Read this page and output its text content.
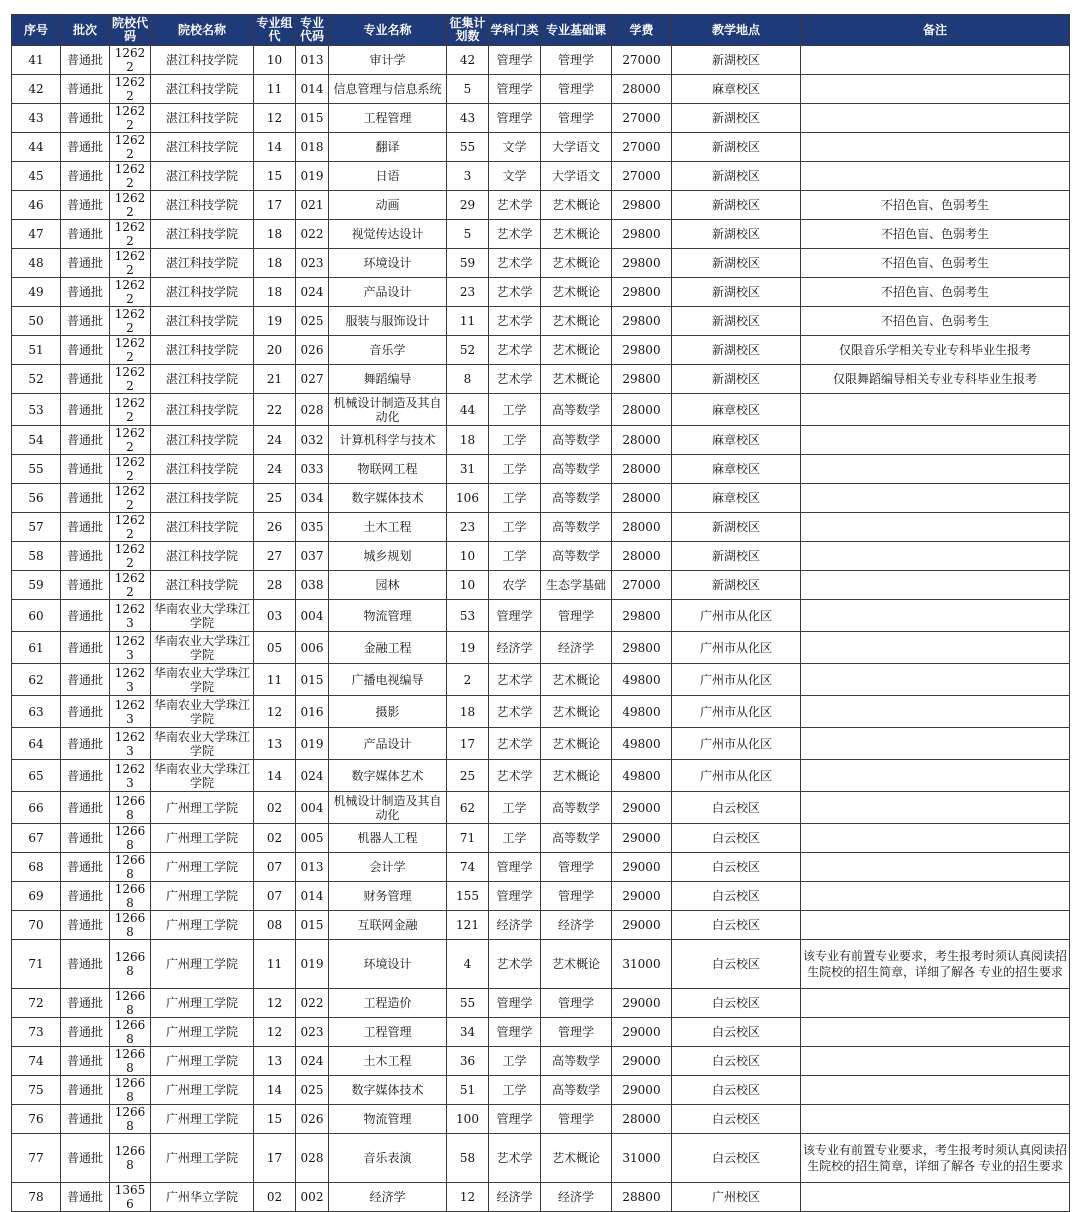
序号	批次	院校代码	院校名称	专业组代	专业代码	专业名称	征集计划数	学科门类	专业基础课	学费	教学地点	备注
41	普通批	12622	湛江科技学院	10	013	审计学	42	管理学	管理学	27000	新湖校区	
42	普通批	12622	湛江科技学院	11	014	信息管理与信息系统	5	管理学	管理学	28000	麻章校区	
43	普通批	12622	湛江科技学院	12	015	工程管理	43	管理学	管理学	27000	新湖校区	
44	普通批	12622	湛江科技学院	14	018	翻译	55	文学	大学语文	27000	新湖校区	
45	普通批	12622	湛江科技学院	15	019	日语	3	文学	大学语文	27000	新湖校区	
46	普通批	12622	湛江科技学院	17	021	动画	29	艺术学	艺术概论	29800	新湖校区	不招色盲、色弱考生
47	普通批	12622	湛江科技学院	18	022	视觉传达设计	5	艺术学	艺术概论	29800	新湖校区	不招色盲、色弱考生
48	普通批	12622	湛江科技学院	18	023	环境设计	59	艺术学	艺术概论	29800	新湖校区	不招色盲、色弱考生
49	普通批	12622	湛江科技学院	18	024	产品设计	23	艺术学	艺术概论	29800	新湖校区	不招色盲、色弱考生
50	普通批	12622	湛江科技学院	19	025	服装与服饰设计	11	艺术学	艺术概论	29800	新湖校区	不招色盲、色弱考生
51	普通批	12622	湛江科技学院	20	026	音乐学	52	艺术学	艺术概论	29800	新湖校区	仅限音乐学相关专业专科毕业生报考
52	普通批	12622	湛江科技学院	21	027	舞蹈编导	8	艺术学	艺术概论	29800	新湖校区	仅限舞蹈编导相关专业专科毕业生报考
53	普通批	12622	湛江科技学院	22	028	机械设计制造及其自动化	44	工学	高等数学	28000	麻章校区	
54	普通批	12622	湛江科技学院	24	032	计算机科学与技术	18	工学	高等数学	28000	麻章校区	
55	普通批	12622	湛江科技学院	24	033	物联网工程	31	工学	高等数学	28000	麻章校区	
56	普通批	12622	湛江科技学院	25	034	数字媒体技术	106	工学	高等数学	28000	麻章校区	
57	普通批	12622	湛江科技学院	26	035	土木工程	23	工学	高等数学	28000	新湖校区	
58	普通批	12622	湛江科技学院	27	037	城乡规划	10	工学	高等数学	28000	新湖校区	
59	普通批	12622	湛江科技学院	28	038	园林	10	农学	生态学基础	27000	新湖校区	
60	普通批	12623	华南农业大学珠江学院	03	004	物流管理	53	管理学	管理学	29800	广州市从化区	
61	普通批	12623	华南农业大学珠江学院	05	006	金融工程	19	经济学	经济学	29800	广州市从化区	
62	普通批	12623	华南农业大学珠江学院	11	015	广播电视编导	2	艺术学	艺术概论	49800	广州市从化区	
63	普通批	12623	华南农业大学珠江学院	12	016	摄影	18	艺术学	艺术概论	49800	广州市从化区	
64	普通批	12623	华南农业大学珠江学院	13	019	产品设计	17	艺术学	艺术概论	49800	广州市从化区	
65	普通批	12623	华南农业大学珠江学院	14	024	数字媒体艺术	25	艺术学	艺术概论	49800	广州市从化区	
66	普通批	12668	广州理工学院	02	004	机械设计制造及其自动化	62	工学	高等数学	29000	白云校区	
67	普通批	12668	广州理工学院	02	005	机器人工程	71	工学	高等数学	29000	白云校区	
68	普通批	12668	广州理工学院	07	013	会计学	74	管理学	管理学	29000	白云校区	
69	普通批	12668	广州理工学院	07	014	财务管理	155	管理学	管理学	29000	白云校区	
70	普通批	12668	广州理工学院	08	015	互联网金融	121	经济学	经济学	29000	白云校区	
71	普通批	12668	广州理工学院	11	019	环境设计	4	艺术学	艺术概论	31000	白云校区	该专业有前置专业要求，考生报考时须认真阅读招生院校的招生简章，详细了解各 专业的招生要求
72	普通批	12668	广州理工学院	12	022	工程造价	55	管理学	管理学	29000	白云校区	
73	普通批	12668	广州理工学院	12	023	工程管理	34	管理学	管理学	29000	白云校区	
74	普通批	12668	广州理工学院	13	024	土木工程	36	工学	高等数学	29000	白云校区	
75	普通批	12668	广州理工学院	14	025	数字媒体技术	51	工学	高等数学	29000	白云校区	
76	普通批	12668	广州理工学院	15	026	物流管理	100	管理学	管理学	28000	白云校区	
77	普通批	12668	广州理工学院	17	028	音乐表演	58	艺术学	艺术概论	31000	白云校区	该专业有前置专业要求，考生报考时须认真阅读招生院校的招生简章，详细了解各 专业的招生要求
78	普通批	13656	广州华立学院	02	002	经济学	12	经济学	经济学	28800	广州校区	
